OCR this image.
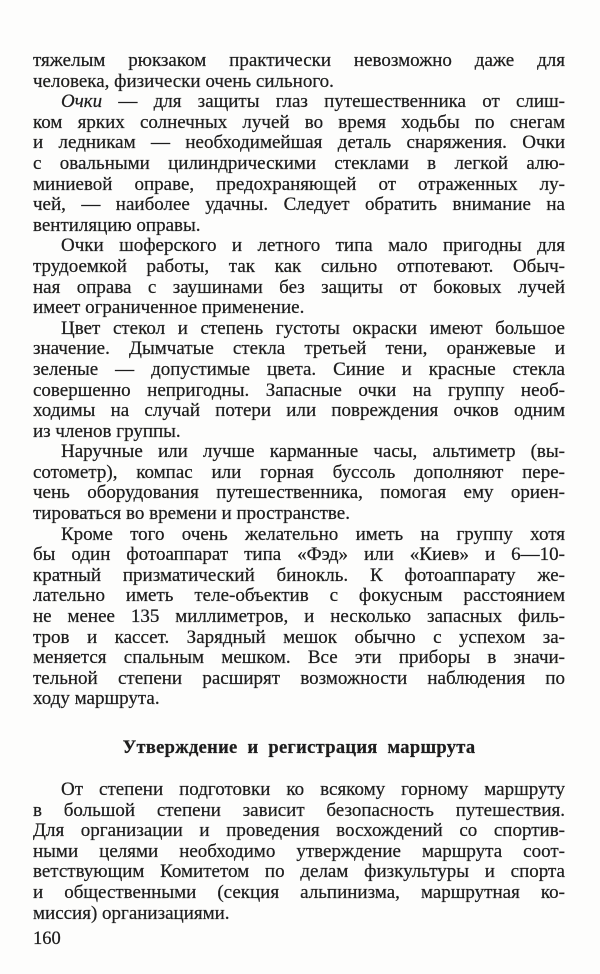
тяжелым рюкзаком практически невозможно даже для
человека, физически очень сильного.
Очки — для защиты глаз путешественника от слиш-
ком ярких солнечных лучей во время ходьбы по снегам
и ледникам — необходимейшая деталь снаряжения. Очки
с овальными цилиндрическими стеклами в легкой алю-
миниевой оправе, предохраняющей от отраженных лу-
чей, — наиболее удачны. Следует обратить внимание на
вентиляцию оправы.
Очки шоферского и летного типа мало пригодны для
трудоемкой работы, так как сильно отпотевают. Обыч-
ная оправа с заушинами без защиты от боковых лучей
имеет ограниченное применение.
Цвет стекол и степень густоты окраски имеют большое
значение. Дымчатые стекла третьей тени, оранжевые и
зеленые — допустимые цвета. Синие и красные стекла
совершенно непригодны. Запасные очки на группу необ-
ходимы на случай потери или повреждения очков одним
из членов группы.
Наручные или лучше карманные часы, альтиметр (вы-
сотометр), компас или горная буссоль дополняют пере-
чень оборудования путешественника, помогая ему ориен-
тироваться во времени и пространстве.
Кроме того очень желательно иметь на группу хотя
бы один фотоаппарат типа «Фэд» или «Киев» и 6—10-
кратный призматический бинокль. К фотоаппарату же-
лательно иметь теле-объектив с фокусным расстоянием
не менее 135 миллиметров, и несколько запасных филь-
тров и кассет. Зарядный мешок обычно с успехом за-
меняется спальным мешком. Все эти приборы в значи-
тельной степени расширят возможности наблюдения по
ходу маршрута.
Утверждение и регистрация маршрута
От степени подготовки ко всякому горному маршруту
в большой степени зависит безопасность путешествия.
Для организации и проведения восхождений со спортив-
ными целями необходимо утверждение маршрута соот-
ветствующим Комитетом по делам физкультуры и спорта
и общественными (секция альпинизма, маршрутная ко-
миссия) организациями.
160
